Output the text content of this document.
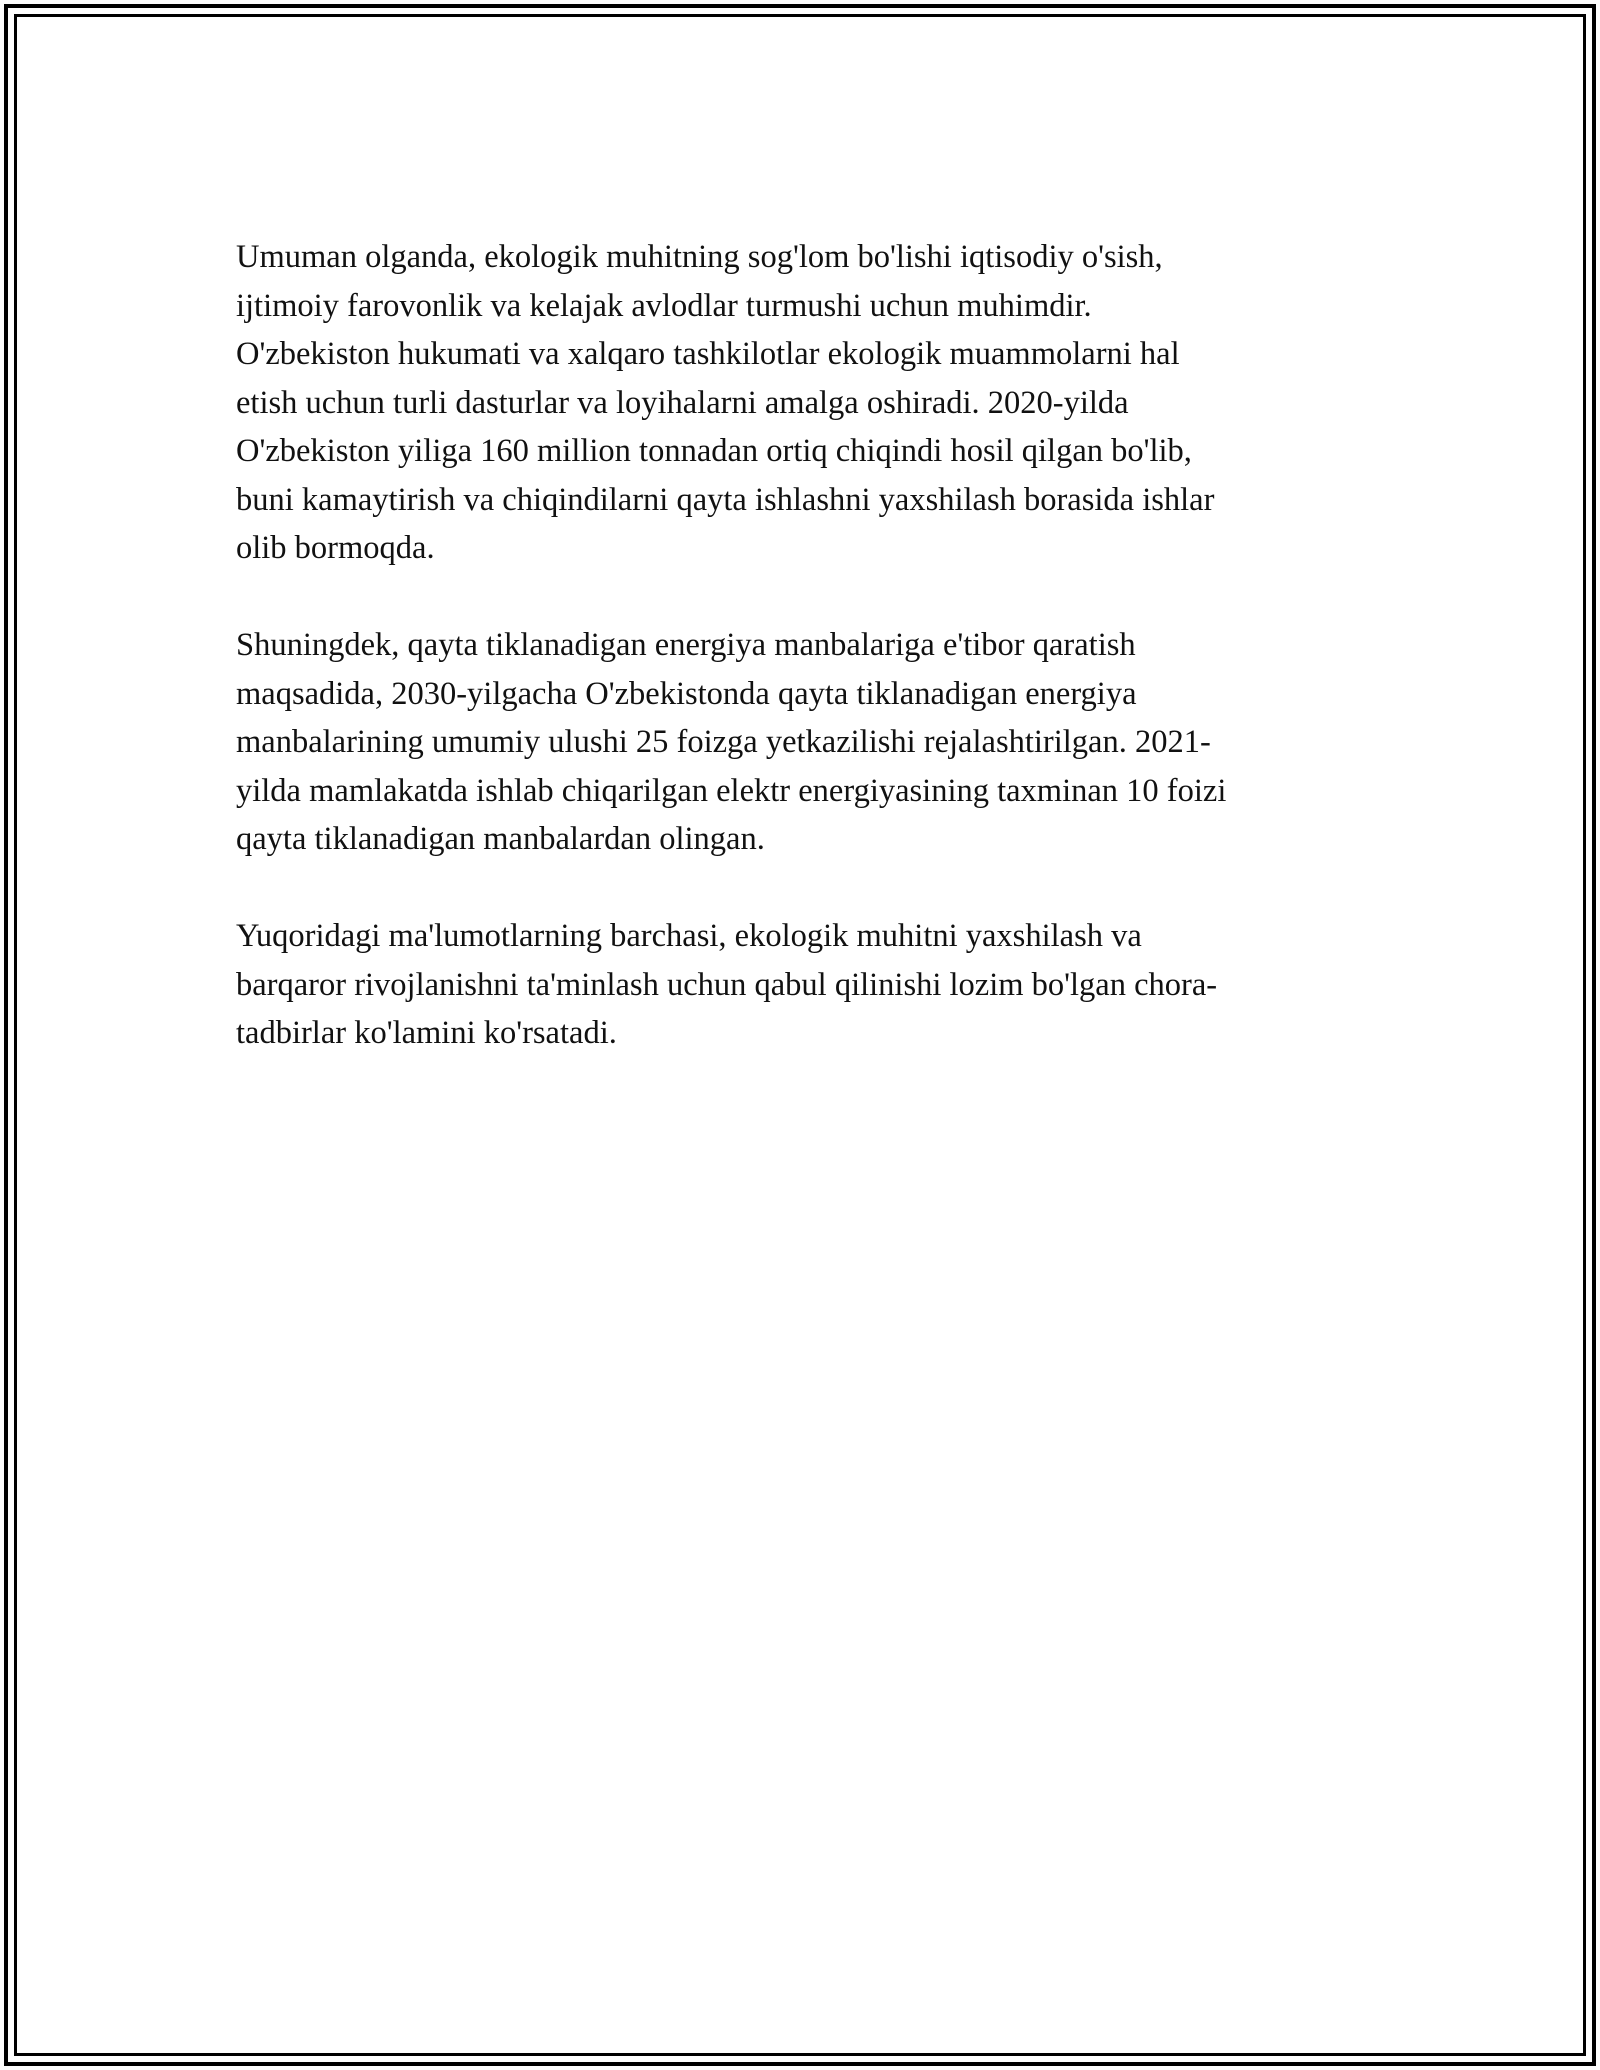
Umuman olganda, ekologik muhitning sog'lom bo'lishi iqtisodiy o'sish,
ijtimoiy farovonlik va kelajak avlodlar turmushi uchun muhimdir.
O'zbekiston hukumati va xalqaro tashkilotlar ekologik muammolarni hal
etish uchun turli dasturlar va loyihalarni amalga oshiradi. 2020-yilda
O'zbekiston yiliga 160 million tonnadan ortiq chiqindi hosil qilgan bo'lib,
buni kamaytirish va chiqindilarni qayta ishlashni yaxshilash borasida ishlar
olib bormoqda.

Shuningdek, qayta tiklanadigan energiya manbalariga e'tibor qaratish
maqsadida, 2030-yilgacha O'zbekistonda qayta tiklanadigan energiya
manbalarining umumiy ulushi 25 foizga yetkazilishi rejalashtirilgan. 2021-
yilda mamlakatda ishlab chiqarilgan elektr energiyasining taxminan 10 foizi
qayta tiklanadigan manbalardan olingan.

Yuqoridagi ma'lumotlarning barchasi, ekologik muhitni yaxshilash va
barqaror rivojlanishni ta'minlash uchun qabul qilinishi lozim bo'lgan chora-
tadbirlar ko'lamini ko'rsatadi.
